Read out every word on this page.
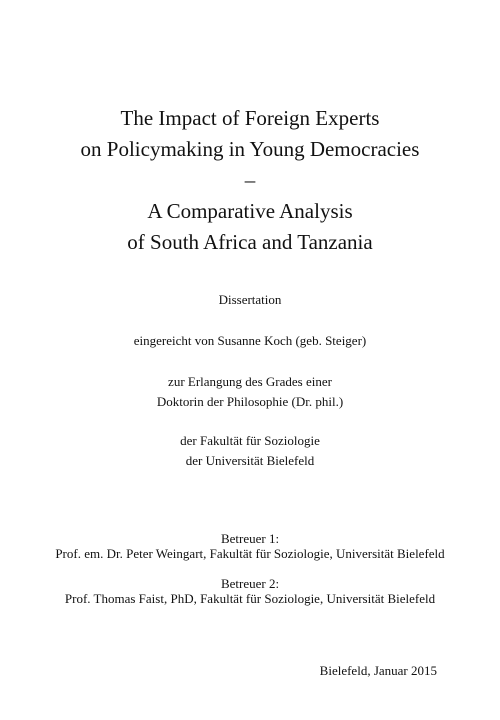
The Impact of Foreign Experts
on Policymaking in Young Democracies
–
A Comparative Analysis
of South Africa and Tanzania
Dissertation
eingereicht von Susanne Koch (geb. Steiger)
zur Erlangung des Grades einer
Doktorin der Philosophie (Dr. phil.)
der Fakultät für Soziologie
der Universität Bielefeld
Betreuer 1:
Prof. em. Dr. Peter Weingart, Fakultät für Soziologie, Universität Bielefeld
Betreuer 2:
Prof. Thomas Faist, PhD, Fakultät für Soziologie, Universität Bielefeld
Bielefeld, Januar 2015
